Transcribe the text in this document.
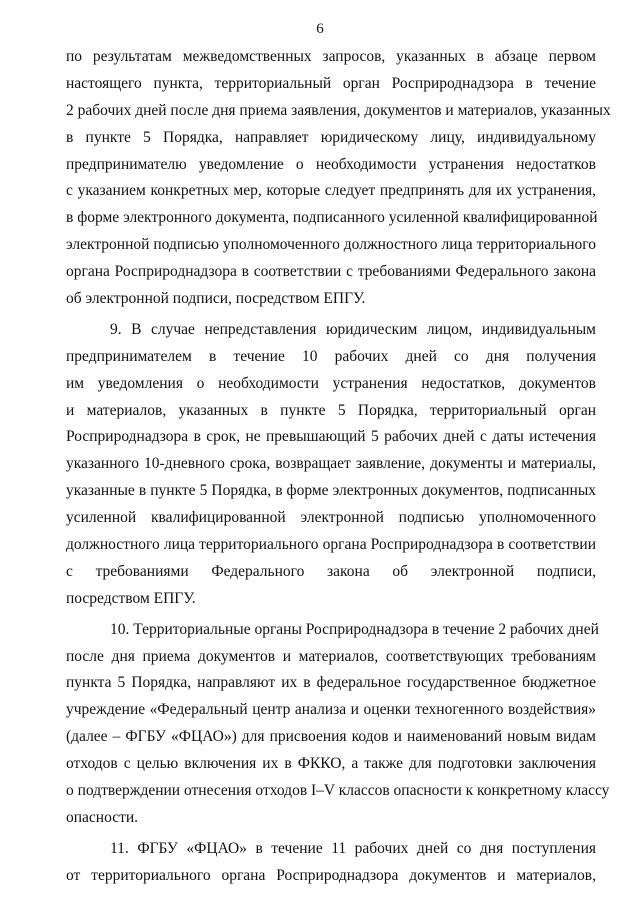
6
по результатам межведомственных запросов, указанных в абзаце первом
настоящего пункта, территориальный орган Росприроднадзора в течение
2 рабочих дней после дня приема заявления, документов и материалов, указанных
в пункте 5 Порядка, направляет юридическому лицу, индивидуальному
предпринимателю уведомление о необходимости устранения недостатков
с указанием конкретных мер, которые следует предпринять для их устранения,
в форме электронного документа, подписанного усиленной квалифицированной
электронной подписью уполномоченного должностного лица территориального
органа Росприроднадзора в соответствии с требованиями Федерального закона
об электронной подписи, посредством ЕПГУ.
9. В случае непредставления юридическим лицом, индивидуальным
предпринимателем в течение 10 рабочих дней со дня получения
им уведомления о необходимости устранения недостатков, документов
и материалов, указанных в пункте 5 Порядка, территориальный орган
Росприроднадзора в срок, не превышающий 5 рабочих дней с даты истечения
указанного 10-дневного срока, возвращает заявление, документы и материалы,
указанные в пункте 5 Порядка, в форме электронных документов, подписанных
усиленной квалифицированной электронной подписью уполномоченного
должностного лица территориального органа Росприроднадзора в соответствии
с требованиями Федерального закона об электронной подписи,
посредством ЕПГУ.
10. Территориальные органы Росприроднадзора в течение 2 рабочих дней
после дня приема документов и материалов, соответствующих требованиям
пункта 5 Порядка, направляют их в федеральное государственное бюджетное
учреждение «Федеральный центр анализа и оценки техногенного воздействия»
(далее – ФГБУ «ФЦАО») для присвоения кодов и наименований новым видам
отходов с целью включения их в ФККО, а также для подготовки заключения
о подтверждении отнесения отходов I–V классов опасности к конкретному классу
опасности.
11. ФГБУ «ФЦАО» в течение 11 рабочих дней со дня поступления
от территориального органа Росприроднадзора документов и материалов,
